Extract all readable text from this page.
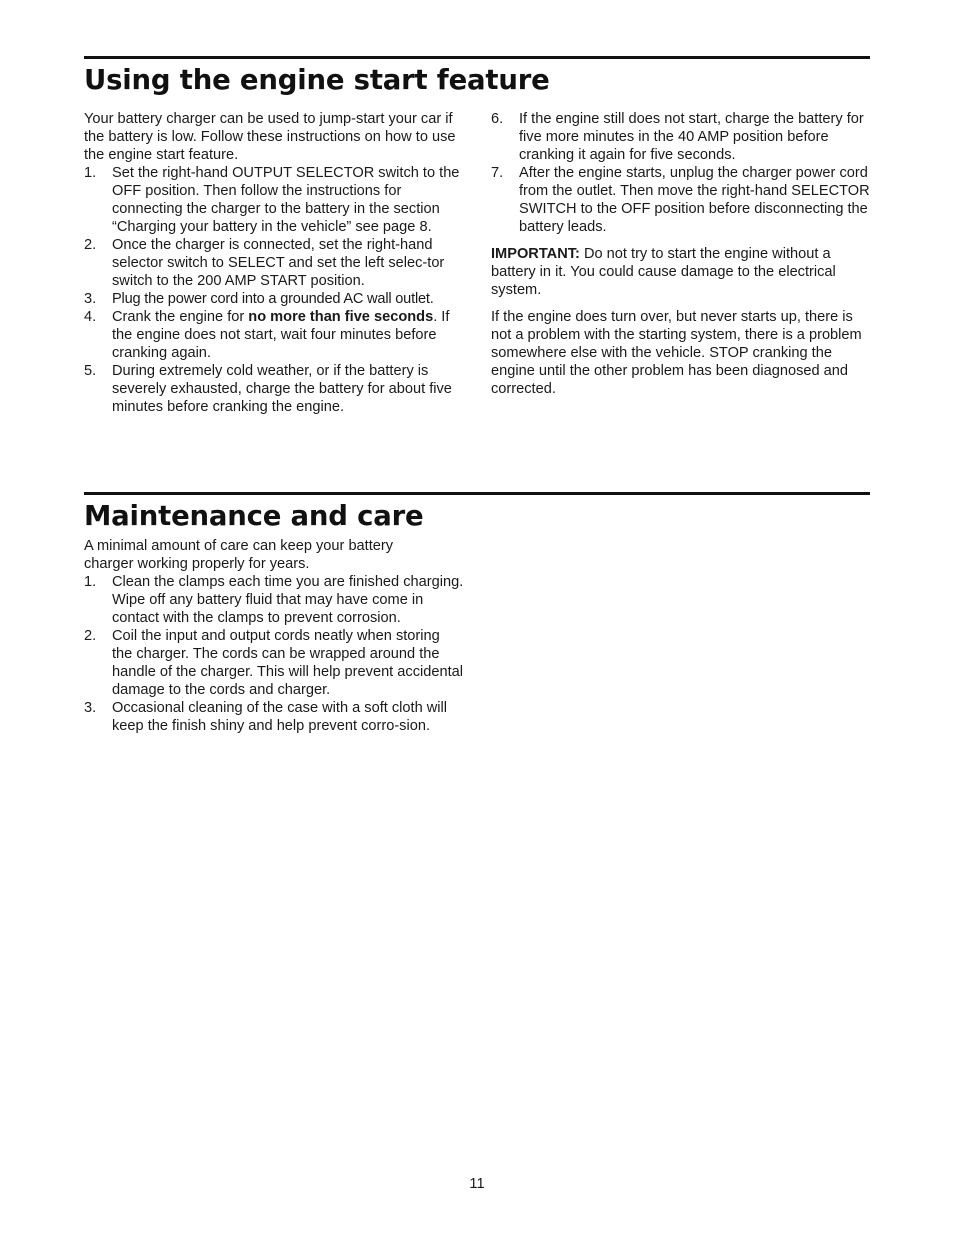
Using the engine start feature

Your battery charger can be used to jump-start your car if the battery is low. Follow these instructions on how to use the engine start feature.

1. Set the right-hand OUTPUT SELECTOR switch to the OFF position. Then follow the instructions for connecting the charger to the battery in the section “Charging your battery in the vehicle” see page 8.
2. Once the charger is connected, set the right-hand selector switch to SELECT and set the left selec-tor switch to the 200 AMP START position.
3. Plug the power cord into a grounded AC wall outlet.
4. Crank the engine for no more than five seconds. If the engine does not start, wait four minutes before cranking again.
5. During extremely cold weather, or if the battery is severely exhausted, charge the battery for about five minutes before cranking the engine.
6. If the engine still does not start, charge the battery for five more minutes in the 40 AMP position before cranking it again for five seconds.
7. After the engine starts, unplug the charger power cord from the outlet. Then move the right-hand SELECTOR SWITCH to the OFF position before disconnecting the battery leads.

IMPORTANT: Do not try to start the engine without a battery in it. You could cause damage to the electrical system.

If the engine does turn over, but never starts up, there is not a problem with the starting system, there is a problem somewhere else with the vehicle. STOP cranking the engine until the other problem has been diagnosed and corrected.

Maintenance and care

A minimal amount of care can keep your battery charger working properly for years.

1. Clean the clamps each time you are finished charging. Wipe off any battery fluid that may have come in contact with the clamps to prevent corrosion.
2. Coil the input and output cords neatly when storing the charger. The cords can be wrapped around the handle of the charger. This will help prevent accidental damage to the cords and charger.
3. Occasional cleaning of the case with a soft cloth will keep the finish shiny and help prevent corro-sion.
11
